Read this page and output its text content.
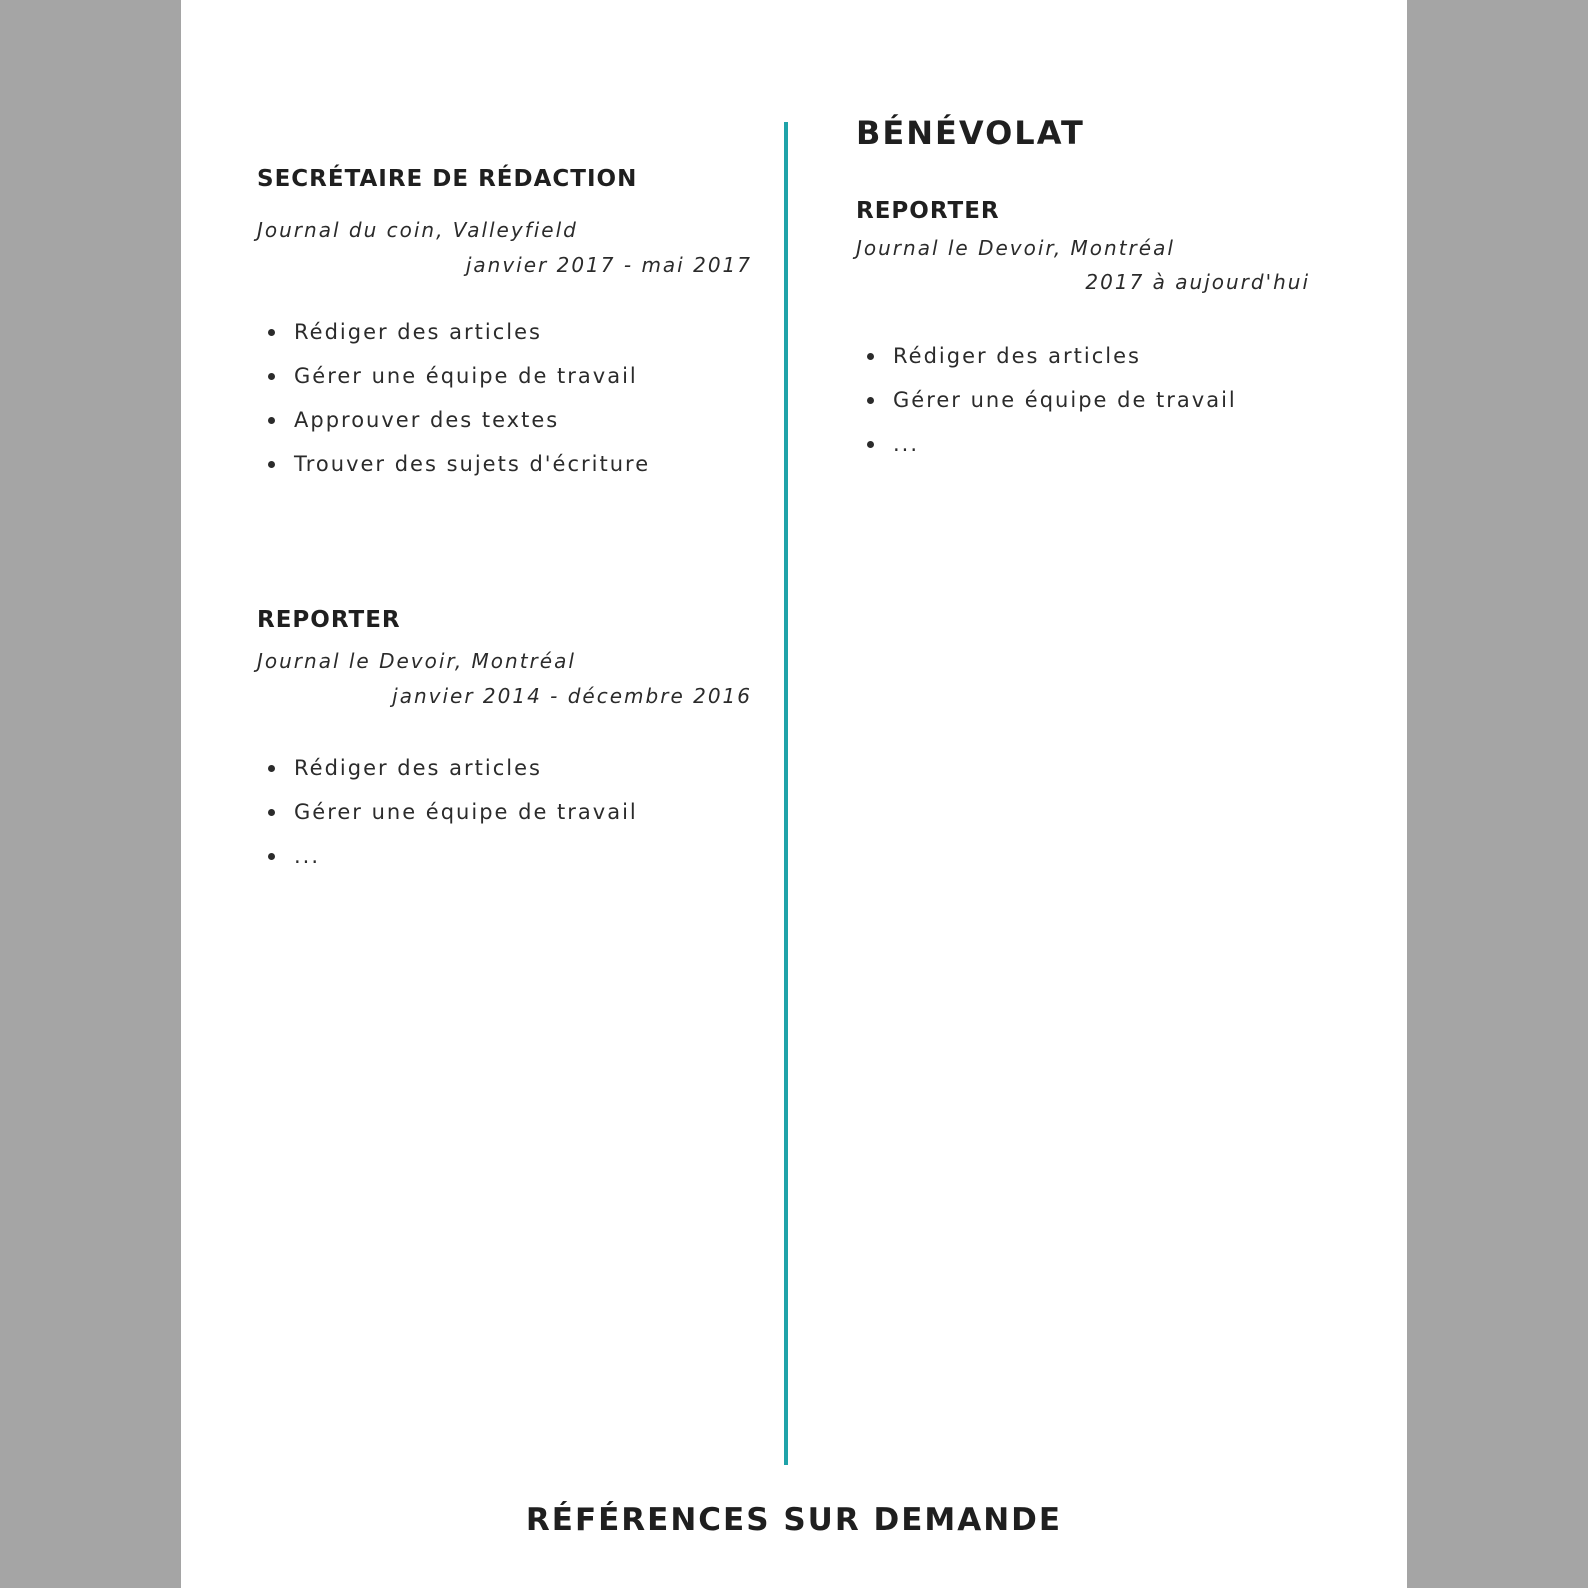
SECRÉTAIRE DE RÉDACTION

Journal du coin, Valleyfield

janvier 2017 - mai 2017

Rédiger des articles
Gérer une équipe de travail
Approuver des textes
Trouver des sujets d'écriture
REPORTER

Journal le Devoir, Montréal

janvier 2014 - décembre 2016

Rédiger des articles
Gérer une équipe de travail
...
BÉNÉVOLAT
REPORTER

Journal le Devoir, Montréal

2017 à aujourd'hui

Rédiger des articles
Gérer une équipe de travail
...
RÉFÉRENCES SUR DEMANDE
